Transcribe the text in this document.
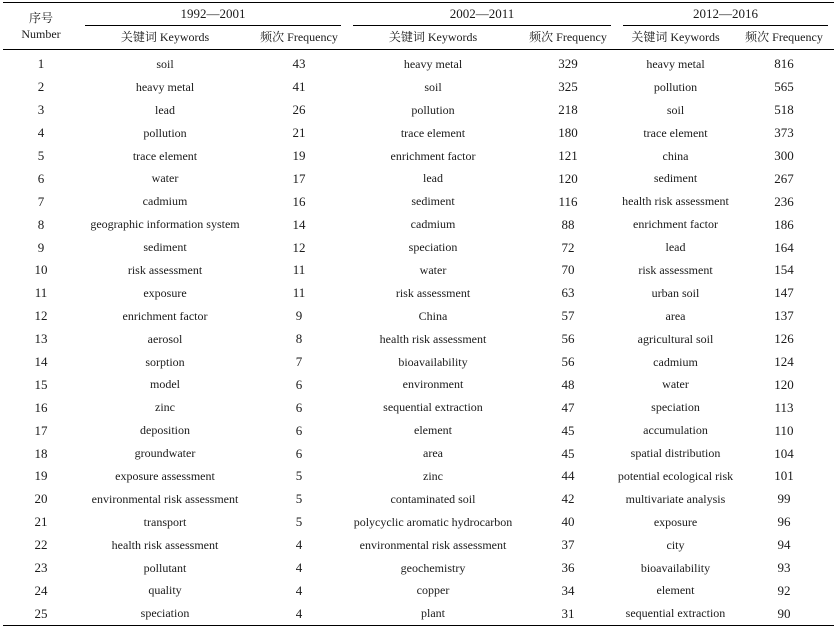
序号
Number	1992—2001		2002—2011		2012—2016	

	关键词 Keywords	频次 Frequency	关键词 Keywords	频次 Frequency	关键词 Keywords	频次 Frequency
1	soil	43	heavy metal	329	heavy metal	816
2	heavy metal	41	soil	325	pollution	565
3	lead	26	pollution	218	soil	518
4	pollution	21	trace element	180	trace element	373
5	trace element	19	enrichment factor	121	china	300
6	water	17	lead	120	sediment	267
7	cadmium	16	sediment	116	health risk assessment	236
8	geographic information system	14	cadmium	88	enrichment factor	186
9	sediment	12	speciation	72	lead	164
10	risk assessment	11	water	70	risk assessment	154
11	exposure	11	risk assessment	63	urban soil	147
12	enrichment factor	9	China	57	area	137
13	aerosol	8	health risk assessment	56	agricultural soil	126
14	sorption	7	bioavailability	56	cadmium	124
15	model	6	environment	48	water	120
16	zinc	6	sequential extraction	47	speciation	113
17	deposition	6	element	45	accumulation	110
18	groundwater	6	area	45	spatial distribution	104
19	exposure assessment	5	zinc	44	potential ecological risk	101
20	environmental risk assessment	5	contaminated soil	42	multivariate analysis	99
21	transport	5	polycyclic aromatic hydrocarbon	40	exposure	96
22	health risk assessment	4	environmental risk assessment	37	city	94
23	pollutant	4	geochemistry	36	bioavailability	93
24	quality	4	copper	34	element	92
25	speciation	4	plant	31	sequential extraction	90
